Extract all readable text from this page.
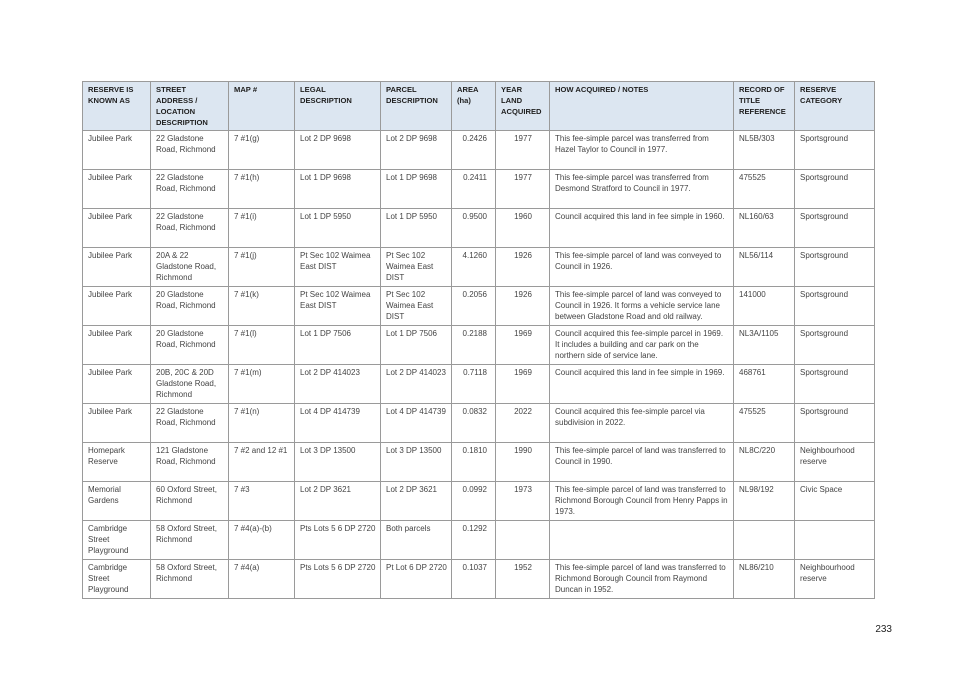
RESERVE IS KNOWN AS	STREET ADDRESS / LOCATION DESCRIPTION	MAP #	LEGAL DESCRIPTION	PARCEL DESCRIPTION	AREA (ha)	YEAR LAND ACQUIRED	HOW ACQUIRED / NOTES	RECORD OF TITLE REFERENCE	RESERVE CATEGORY
Jubilee Park	22 Gladstone Road, Richmond	7 #1(g)	Lot 2 DP 9698	Lot 2 DP 9698	0.2426	1977	This fee-simple parcel was transferred from Hazel Taylor to Council in 1977.	NL5B/303	Sportsground
Jubilee Park	22 Gladstone Road, Richmond	7 #1(h)	Lot 1 DP 9698	Lot 1 DP 9698	0.2411	1977	This fee-simple parcel was transferred from Desmond Stratford to Council in 1977.	475525	Sportsground
Jubilee Park	22 Gladstone Road, Richmond	7 #1(i)	Lot 1 DP 5950	Lot 1 DP 5950	0.9500	1960	Council acquired this land in fee simple in 1960.	NL160/63	Sportsground
Jubilee Park	20A & 22 Gladstone Road, Richmond	7 #1(j)	Pt Sec 102 Waimea East DIST	Pt Sec 102 Waimea East DIST	4.1260	1926	This fee-simple parcel of land was conveyed to Council in 1926.	NL56/114	Sportsground
Jubilee Park	20 Gladstone Road, Richmond	7 #1(k)	Pt Sec 102 Waimea East DIST	Pt Sec 102 Waimea East DIST	0.2056	1926	This fee-simple parcel of land was conveyed to Council in 1926. It forms a vehicle service lane between Gladstone Road and old railway.	141000	Sportsground
Jubilee Park	20 Gladstone Road, Richmond	7 #1(l)	Lot 1 DP 7506	Lot 1 DP 7506	0.2188	1969	Council acquired this fee-simple parcel in 1969. It includes a building and car park on the northern side of service lane.	NL3A/1105	Sportsground
Jubilee Park	20B, 20C & 20D Gladstone Road, Richmond	7 #1(m)	Lot 2 DP 414023	Lot 2 DP 414023	0.7118	1969	Council acquired this land in fee simple in 1969.	468761	Sportsground
Jubilee Park	22 Gladstone Road, Richmond	7 #1(n)	Lot 4 DP 414739	Lot 4 DP 414739	0.0832	2022	Council acquired this fee-simple parcel via subdivision in 2022.	475525	Sportsground
Homepark Reserve	121 Gladstone Road, Richmond	7 #2 and 12 #1	Lot 3 DP 13500	Lot 3 DP 13500	0.1810	1990	This fee-simple parcel of land was transferred to Council in 1990.	NL8C/220	Neighbourhood reserve
Memorial Gardens	60 Oxford Street, Richmond	7 #3	Lot 2 DP 3621	Lot 2 DP 3621	0.0992	1973	This fee-simple parcel of land was transferred to Richmond Borough Council from Henry Papps in 1973.	NL98/192	Civic Space
Cambridge Street Playground	58 Oxford Street, Richmond	7 #4(a)-(b)	Pts Lots 5 6 DP 2720	Both parcels	0.1292				
Cambridge Street Playground	58 Oxford Street, Richmond	7 #4(a)	Pts Lots 5 6 DP 2720	Pt Lot 6 DP 2720	0.1037	1952	This fee-simple parcel of land was transferred to Richmond Borough Council from Raymond Duncan in 1952.	NL86/210	Neighbourhood reserve
233
